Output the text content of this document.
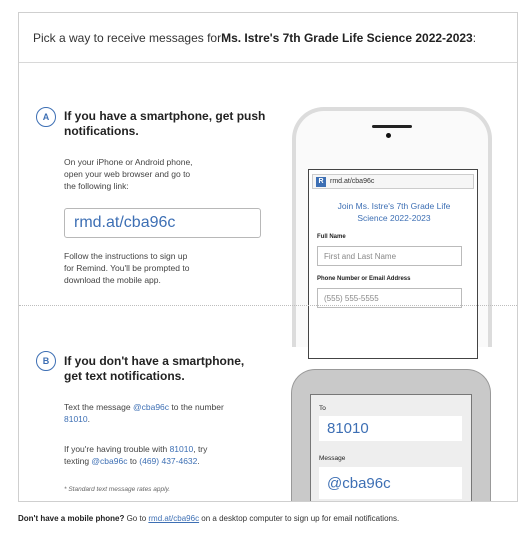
Pick a way to receive messages for Ms. Istre's 7th Grade Life Science 2022-2023 :
A	If you have a smartphone, get push
notifications.
On your iPhone or Android phone,
open your web browser and go to
the following link:
rmd.at/cba96c
Follow the instructions to sign up
for Remind. You'll be prompted to
download the mobile app.
R rmd.at/cba96c
Join Ms. Istre's 7th Grade Life
Science 2022-2023
Full Name
First and Last Name
Phone Number or Email Address
(555) 555-5555
B	If you don't have a smartphone,
get text notifications.
Text the message @cba96c to the number
81010.
If you're having trouble with 81010, try
texting @cba96c to (469) 437-4632.
* Standard text message rates apply.
To
81010
Message
@cba96c
Don't have a mobile phone? Go to rmd.at/cba96c on a desktop computer to sign up for email notifications.
